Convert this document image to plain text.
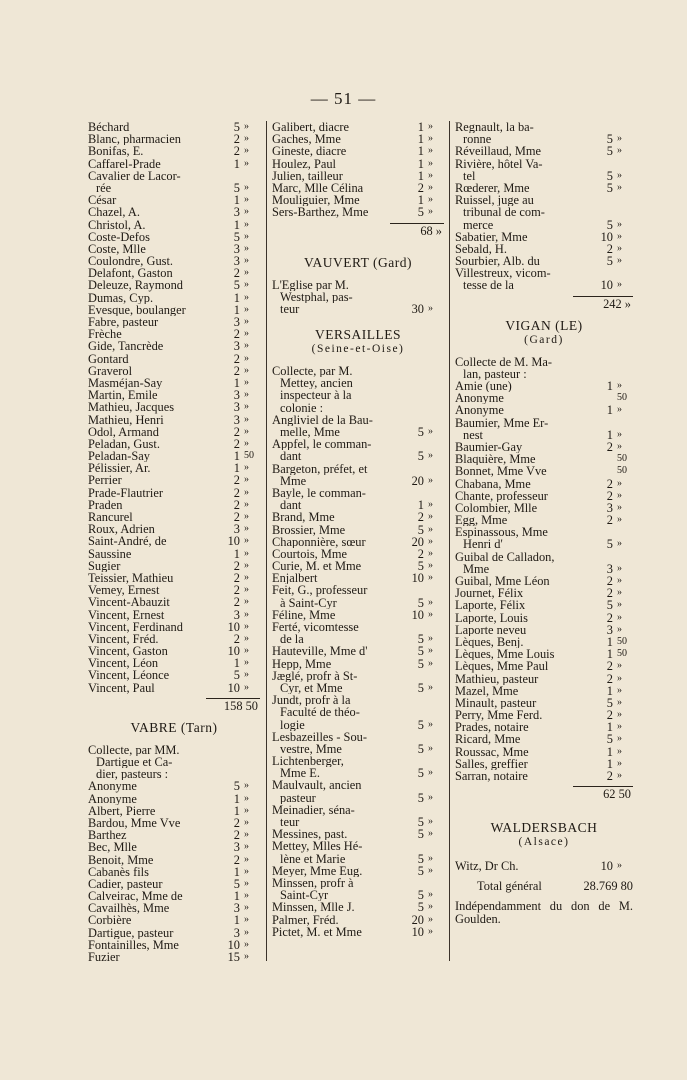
— 51 —
Béchard	5 »
Blanc, pharmacien	2 »
Bonifas, E.	2 »
Caffarel-Prade	1 »
Cavalier de Lacor-
rée	5 »
César	1 »
Chazel, A.	3 »
Christol, A.	1 »
Coste-Defos	5 »
Coste, Mlle	3 »
Coulondre, Gust.	3 »
Delafont, Gaston	2 »
Deleuze, Raymond	5 »
Dumas, Cyp.	1 »
Evesque, boulanger	1 »
Fabre, pasteur	3 »
Frèche	2 »
Gide, Tancrède	3 »
Gontard	2 »
Graverol	2 »
Masméjan-Say	1 »
Martin, Emile	3 »
Mathieu, Jacques	3 »
Mathieu, Henri	3 »
Odol, Armand	2 »
Peladan, Gust.	2 »
Peladan-Say	1 50
Pélissier, Ar.	1 »
Perrier	2 »
Prade-Flautrier	2 »
Praden	2 »
Rancurel	2 »
Roux, Adrien	3 »
Saint-André, de	10 »
Saussine	1 »
Sugier	2 »
Teissier, Mathieu	2 »
Vemey, Ernest	2 »
Vincent-Abauzit	2 »
Vincent, Ernest	3 »
Vincent, Ferdinand	10 »
Vincent, Fréd.	2 »
Vincent, Gaston	10 »
Vincent, Léon	1 »
Vincent, Léonce	5 »
Vincent, Paul	10 »
158 50
VABRE (Tarn)
Collecte, par MM.
Dartigue et Ca-
dier, pasteurs :
Anonyme	5 »
Anonyme	1 »
Albert, Pierre	1 »
Bardou, Mme Vve	2 »
Barthez	2 »
Bec, Mlle	3 »
Benoit, Mme	2 »
Cabanès fils	1 »
Cadier, pasteur	5 »
Calveirac, Mme de	1 »
Cavailhès, Mme	3 »
Corbière	1 »
Dartigue, pasteur	3 »
Fontainilles, Mme	10 »
Fuzier	15 »
Galibert, diacre	1 »
Gaches, Mme	1 »
Gineste, diacre	1 »
Houlez, Paul	1 »
Julien, tailleur	1 »
Marc, Mlle Célina	2 »
Mouliguier, Mme	1 »
Sers-Barthez, Mme	5 »
68 »
VAUVERT (Gard)
L'Eglise par M.
Westphal, pas-
teur	30 »
VERSAILLES
(Seine-et-Oise)
Collecte, par M.
Mettey, ancien
inspecteur à la
colonie :
Angliviel de la Bau-
melle, Mme	5 »
Appfel, le comman-
dant	5 »
Bargeton, préfet, et
Mme	20 »
Bayle, le comman-
dant	1 »
Brand, Mme	2 »
Brossier, Mme	5 »
Chaponnière, sœur	20 »
Courtois, Mme	2 »
Curie, M. et Mme	5 »
Enjalbert	10 »
Feit, G., professeur
à Saint-Cyr	5 »
Féline, Mme	10 »
Ferté, vicomtesse
de la	5 »
Hauteville, Mme d'	5 »
Hepp, Mme	5 »
Jæglé, profr à St-
Cyr, et Mme	5 »
Jundt, profr à la
Faculté de théo-
logie	5 »
Lesbazeilles - Sou-
vestre, Mme	5 »
Lichtenberger,
Mme E.	5 »
Maulvault, ancien
pasteur	5 »
Meinadier, séna-
teur	5 »
Messines, past.	5 »
Mettey, Mlles Hé-
lène et Marie	5 »
Meyer, Mme Eug.	5 »
Minssen, profr à
Saint-Cyr	5 »
Minssen, Mlle J.	5 »
Palmer, Fréd.	20 »
Pictet, M. et Mme	10 »
Regnault, la ba-
ronne	5 »
Réveillaud, Mme	5 »
Rivière, hôtel Va-
tel	5 »
Rœderer, Mme	5 »
Ruissel, juge au
tribunal de com-
merce	5 »
Sabatier, Mme	10 »
Sebald, H.	2 »
Sourbier, Alb. du	5 »
Villestreux, vicom-
tesse de la	10 »
242 »
VIGAN (LE)
(Gard)
Collecte de M. Ma-
lan, pasteur :
Amie (une)	1 »
Anonyme	50
Anonyme	1 »
Baumier, Mme Er-
nest	1 »
Baumier-Gay	2 »
Blaquière, Mme	50
Bonnet, Mme Vve	50
Chabana, Mme	2 »
Chante, professeur	2 »
Colombier, Mlle	3 »
Egg, Mme	2 »
Espinassous, Mme
Henri d'	5 »
Guibal de Calladon,
Mme	3 »
Guibal, Mme Léon	2 »
Journet, Félix	2 »
Laporte, Félix	5 »
Laporte, Louis	2 »
Laporte neveu	3 »
Lèques, Benj.	1 50
Lèques, Mme Louis	1 50
Lèques, Mme Paul	2 »
Mathieu, pasteur	2 »
Mazel, Mme	1 »
Minault, pasteur	5 »
Perry, Mme Ferd.	2 »
Prades, notaire	1 »
Ricard, Mme	5 »
Roussac, Mme	1 »
Salles, greffier	1 »
Sarran, notaire	2 »
62 50
WALDERSBACH
(Alsace)
Witz, Dr Ch.	10 »
Total général	28.769 80
Indépendamment du don de M. Goulden.
